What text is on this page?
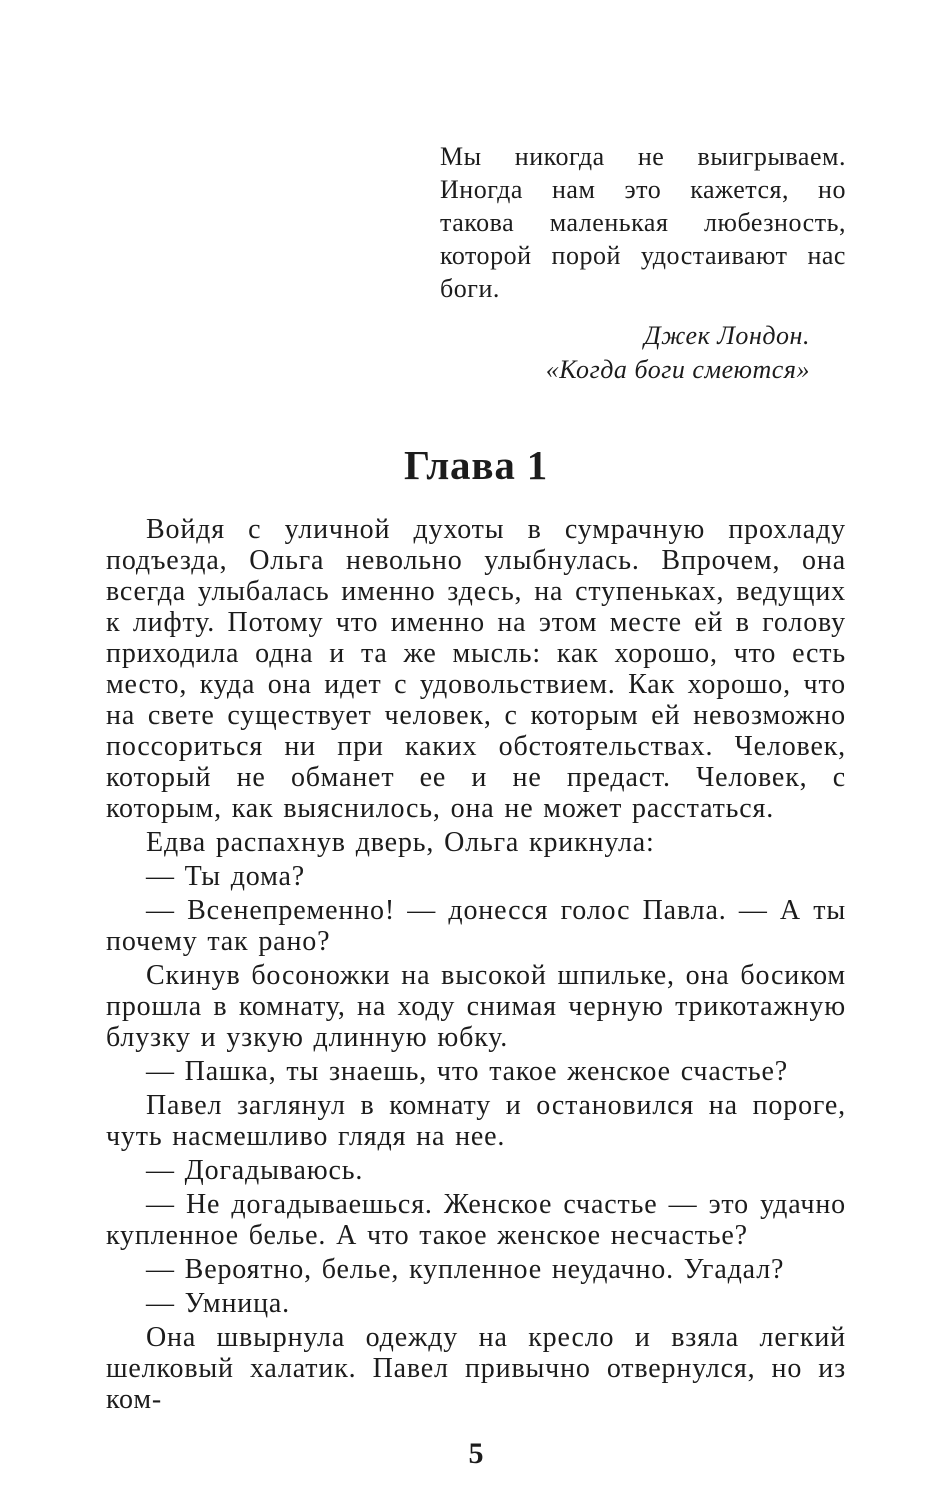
Мы никогда не выигрываем. Иногда нам это кажется, но такова маленькая любезность, которой порой удостаивают нас боги.

Джек Лондон.
«Когда боги смеются»
Глава 1

Войдя с уличной духоты в сумрачную прохладу подъезда, Ольга невольно улыбнулась. Впрочем, она всегда улыбалась именно здесь, на ступеньках, ведущих к лифту. Потому что именно на этом месте ей в голову приходила одна и та же мысль: как хорошо, что есть место, куда она идет с удовольствием. Как хорошо, что на свете существует человек, с которым ей невозможно поссориться ни при каких обстоятельствах. Человек, который не обманет ее и не предаст. Человек, с которым, как выяснилось, она не может расстаться.

Едва распахнув дверь, Ольга крикнула:

— Ты дома?

— Всенепременно! — донесся голос Павла. — А ты почему так рано?

Скинув босоножки на высокой шпильке, она босиком прошла в комнату, на ходу снимая черную трикотажную блузку и узкую длинную юбку.

— Пашка, ты знаешь, что такое женское счастье?

Павел заглянул в комнату и остановился на пороге, чуть насмешливо глядя на нее.

— Догадываюсь.

— Не догадываешься. Женское счастье — это удачно купленное белье. А что такое женское несчастье?

— Вероятно, белье, купленное неудачно. Угадал?

— Умница.

Она швырнула одежду на кресло и взяла легкий шелковый халатик. Павел привычно отвернулся, но из ком-

5
